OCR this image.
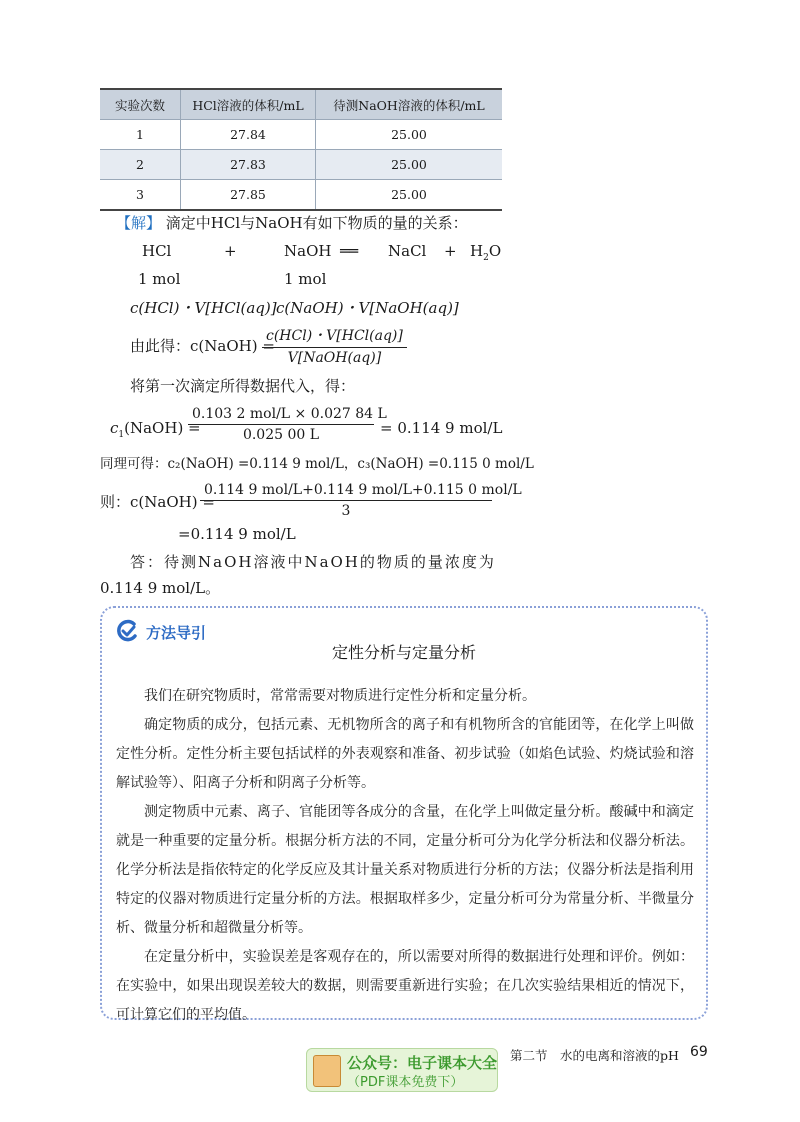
实验次数	HCl溶液的体积/mL	待测NaOH溶液的体积/mL
1	27.84	25.00
2	27.83	25.00
3	27.85	25.00
【解】 滴定中HCl与NaOH有如下物质的量的关系：
HCl	+	NaOH ══ NaCl + $H_2O$
1 mol	1 mol
c(HCl)・V[HCl(aq)] c(NaOH)・V[NaOH(aq)]
由此得：c(NaOH) =
c(HCl)・V[HCl(aq)]
V[NaOH(aq)]
将第一次滴定所得数据代入，得：
$c_1(NaOH)$ =
0.103 2 mol/L × 0.027 84 L
0.025 00 L	= 0.114 9 mol/L
同理可得：c₂(NaOH) =0.114 9 mol/L，c₃(NaOH) =0.115 0 mol/L
则：c(NaOH) =
0.114 9 mol/L+0.114 9 mol/L+0.115 0 mol/L
3
=0.114 9 mol/L
答：待测NaOH溶液中NaOH的物质的量浓度为
0.114 9 mol/L。
方法导引
定性分析与定量分析

我们在研究物质时，常常需要对物质进行定性分析和定量分析。

确定物质的成分，包括元素、无机物所含的离子和有机物所含的官能团等，在化学上叫做定性分析。定性分析主要包括试样的外表观察和准备、初步试验（如焰色试验、灼烧试验和溶解试验等）、阳离子分析和阴离子分析等。

测定物质中元素、离子、官能团等各成分的含量，在化学上叫做定量分析。酸碱中和滴定就是一种重要的定量分析。根据分析方法的不同，定量分析可分为化学分析法和仪器分析法。化学分析法是指依特定的化学反应及其计量关系对物质进行分析的方法；仪器分析法是指利用特定的仪器对物质进行定量分析的方法。根据取样多少，定量分析可分为常量分析、半微量分析、微量分析和超微量分析等。

在定量分析中，实验误差是客观存在的，所以需要对所得的数据进行处理和评价。例如：在实验中，如果出现误差较大的数据，则需要重新进行实验；在几次实验结果相近的情况下，可计算它们的平均值。

公众号：电子课本大全
（PDF课本免费下）
第二节　水的电离和溶液的pH 69
